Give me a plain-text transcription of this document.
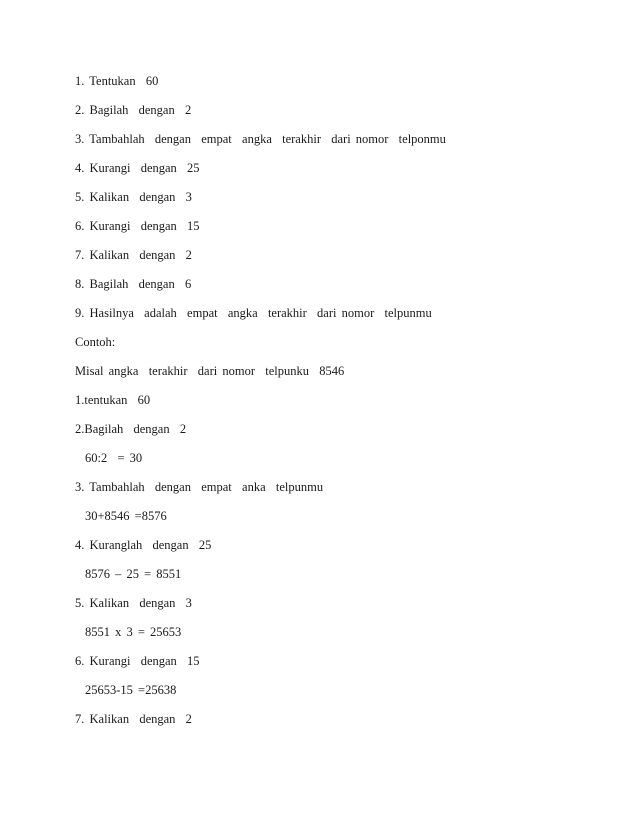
1. Tentukan  60
2. Bagilah  dengan  2
3. Tambahlah  dengan  empat  angka  terakhir  dari nomor  telponmu
4. Kurangi  dengan  25
5. Kalikan  dengan  3
6. Kurangi  dengan  15
7. Kalikan  dengan  2
8. Bagilah  dengan  6
9. Hasilnya  adalah  empat  angka  terakhir  dari nomor  telpunmu
Contoh:
Misal angka  terakhir  dari nomor  telpunku  8546
1.tentukan  60
2.Bagilah  dengan  2
60:2  = 30
3. Tambahlah  dengan  empat  anka  telpunmu
30+8546 =8576
4. Kuranglah  dengan  25
8576 – 25 = 8551
5. Kalikan  dengan  3
8551 x 3 = 25653
6. Kurangi  dengan  15
25653-15 =25638
7. Kalikan  dengan  2
